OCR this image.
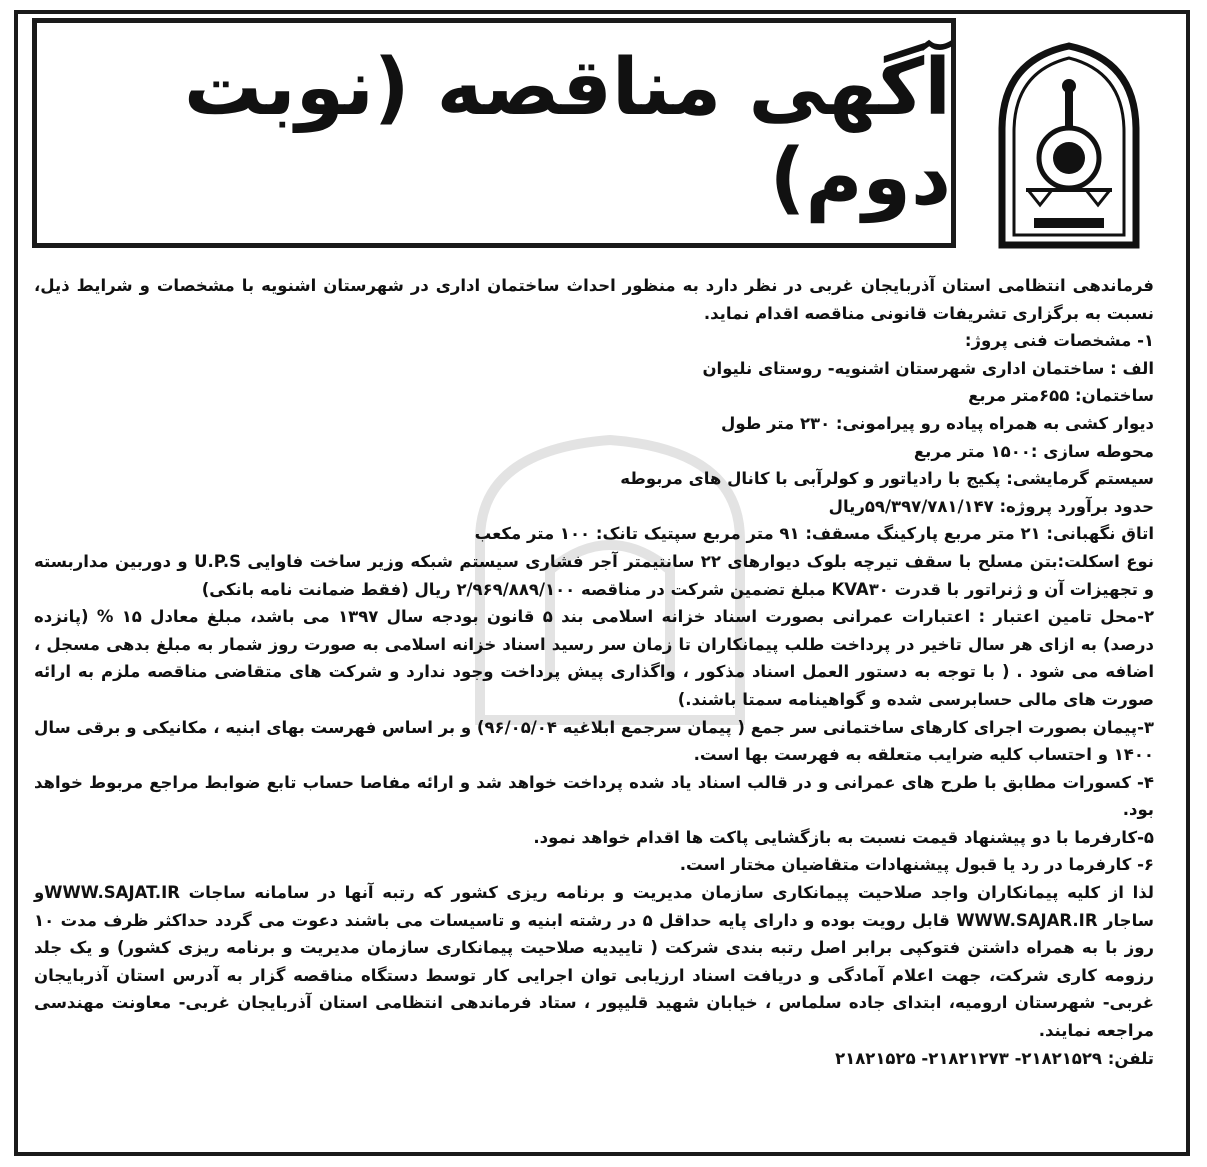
آگهی مناقصه (نوبت دوم)

فرماندهی انتظامی استان آذربایجان غربی در نظر دارد به منظور احداث ساختمان اداری در شهرستان اشنویه با مشخصات و شرایط ذیل، نسبت به برگزاری تشریفات قانونی مناقصه اقدام نماید.

۱- مشخصات فنی پروژ:

الف : ساختمان اداری شهرستان اشنویه- روستای نلیوان

ساختمان: ۶۵۵متر مربع

دیوار کشی به همراه پیاده رو پیرامونی: ۲۳۰ متر طول

محوطه سازی :۱۵۰۰ متر مربع

سیستم گرمایشی: پکیج با رادیاتور و کولرآبی با کانال های مربوطه

حدود برآورد پروژه: ۵۹/۳۹۷/۷۸۱/۱۴۷ریال

اتاق نگهبانی: ۲۱ متر مربع پارکینگ مسقف: ۹۱ متر مربع سپتیک تانک: ۱۰۰ متر مکعب

نوع اسکلت:بتن مسلح با سقف تیرچه بلوک دیوارهای ۲۲ سانتیمتر آجر فشاری سیستم شبکه وزیر ساخت فاوایی U.P.S و دوربین مداربسته و تجهیزات آن و ژنراتور با قدرت KVA۳۰ مبلغ تضمین شرکت در مناقصه ۲/۹۶۹/۸۸۹/۱۰۰ ریال (فقط ضمانت نامه بانکی)

۲-محل تامین اعتبار : اعتبارات عمرانی بصورت اسناد خزانه اسلامی بند ۵ قانون بودجه سال ۱۳۹۷ می باشد، مبلغ معادل ۱۵ % (پانزده درصد) به ازای هر سال تاخیر در پرداخت طلب پیمانکاران تا زمان سر رسید اسناد خزانه اسلامی به صورت روز شمار به مبلغ بدهی مسجل ، اضافه می شود . ( با توجه به دستور العمل اسناد مذکور ، واگذاری پیش پرداخت وجود ندارد و شرکت های متقاضی مناقصه ملزم به ارائه صورت های مالی حسابرسی شده و گواهینامه سمتا باشند.)

۳-پیمان بصورت اجرای کارهای ساختمانی سر جمع ( پیمان سرجمع ابلاغیه ۹۶/۰۵/۰۴) و بر اساس فهرست بهای ابنیه ، مکانیکی و برقی سال ۱۴۰۰ و احتساب کلیه ضرایب متعلقه به فهرست بها است.

۴- کسورات مطابق با طرح های عمرانی و در قالب اسناد یاد شده پرداخت خواهد شد و ارائه مفاصا حساب تابع ضوابط مراجع مربوط خواهد بود.

۵-کارفرما با دو پیشنهاد قیمت نسبت به بازگشایی پاکت ها اقدام خواهد نمود.

۶- کارفرما در رد یا قبول پیشنهادات متقاضیان مختار است.

لذا از کلیه پیمانکاران واجد صلاحیت پیمانکاری سازمان مدیریت و برنامه ریزی کشور که رتبه آنها در سامانه ساجات WWW.SAJAT.IRو ساجار WWW.SAJAR.IR قابل رویت بوده و دارای پایه حداقل ۵ در رشته ابنیه و تاسیسات می باشند دعوت می گردد حداکثر ظرف مدت ۱۰ روز با به همراه داشتن فتوکپی برابر اصل رتبه بندی شرکت ( تاییدیه صلاحیت پیمانکاری سازمان مدیریت و برنامه ریزی کشور) و یک جلد رزومه کاری شرکت، جهت اعلام آمادگی و دریافت اسناد ارزیابی توان اجرایی کار توسط دستگاه مناقصه گزار به آدرس استان آذربایجان غربی- شهرستان ارومیه، ابتدای جاده سلماس ، خیابان شهید قلیپور ، ستاد فرماندهی انتظامی استان آذربایجان غربی- معاونت مهندسی مراجعه نمایند.

تلفن: ۲۱۸۲۱۵۲۹- ۲۱۸۲۱۲۷۳- ۲۱۸۲۱۵۲۵
